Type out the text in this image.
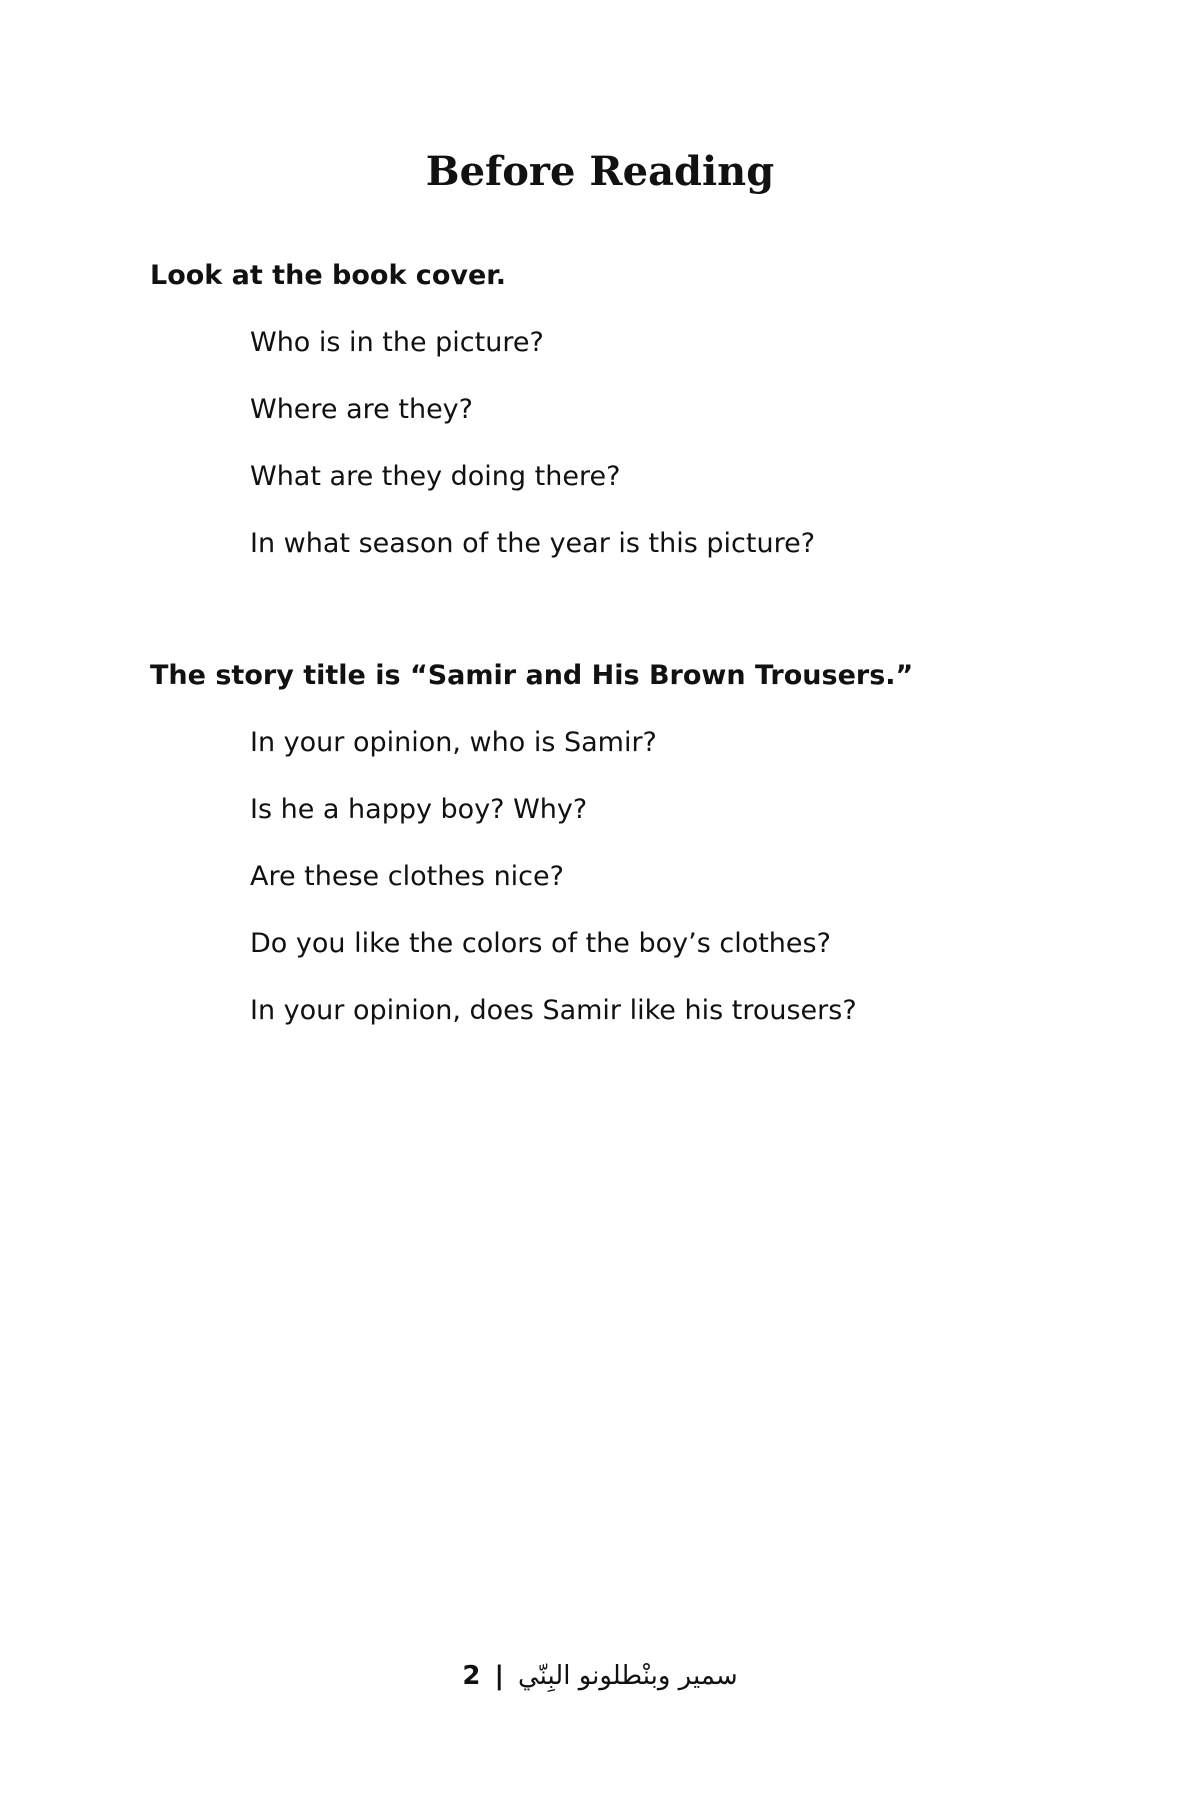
Before Reading

Look at the book cover.

Who is in the picture?
Where are they?
What are they doing there?
In what season of the year is this picture?

The story title is “Samir and His Brown Trousers.”

In your opinion, who is Samir?
Is he a happy boy? Why?
Are these clothes nice?
Do you like the colors of the boy’s clothes?
In your opinion, does Samir like his trousers?
2 | سمير وبنْطلونو البِنّي
